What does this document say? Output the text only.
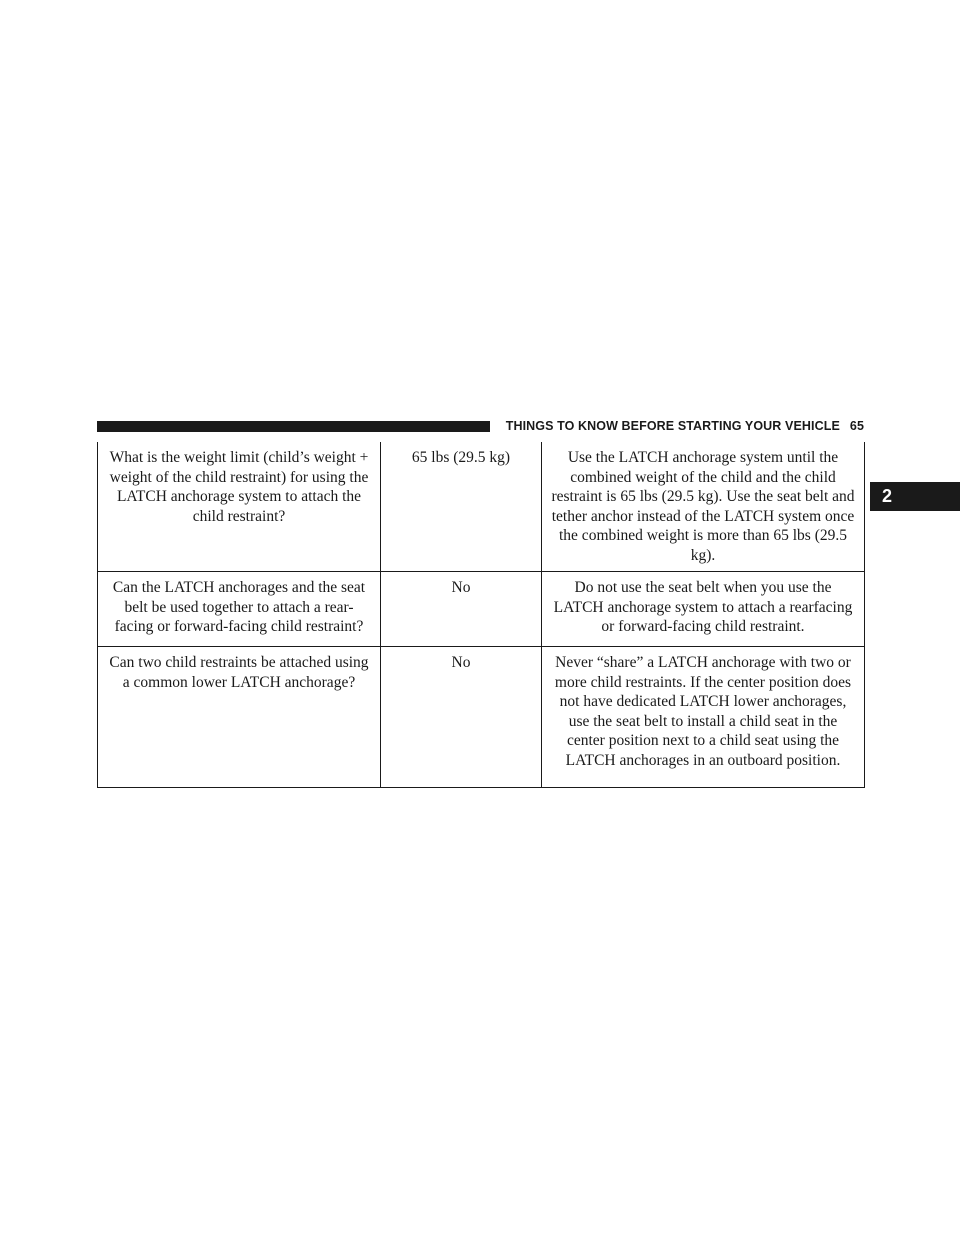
THINGS TO KNOW BEFORE STARTING YOUR VEHICLE 65
2
What is the weight limit (child’s weight + weight of the child restraint) for using the LATCH anchorage system to attach the child restraint?	65 lbs (29.5 kg)	Use the LATCH anchorage system until the combined weight of the child and the child restraint is 65 lbs (29.5 kg). Use the seat belt and tether anchor instead of the LATCH system once the combined weight is more than 65 lbs (29.5 kg).
Can the LATCH anchorages and the seat belt be used together to attach a rear-facing or forward-facing child restraint?	No	Do not use the seat belt when you use the LATCH anchorage system to attach a rearfacing or forward-facing child restraint.
Can two child restraints be attached using a common lower LATCH anchorage?	No	Never “share” a LATCH anchorage with two or more child restraints. If the center position does not have dedicated LATCH lower anchorages, use the seat belt to install a child seat in the center position next to a child seat using the LATCH anchorages in an outboard position.
